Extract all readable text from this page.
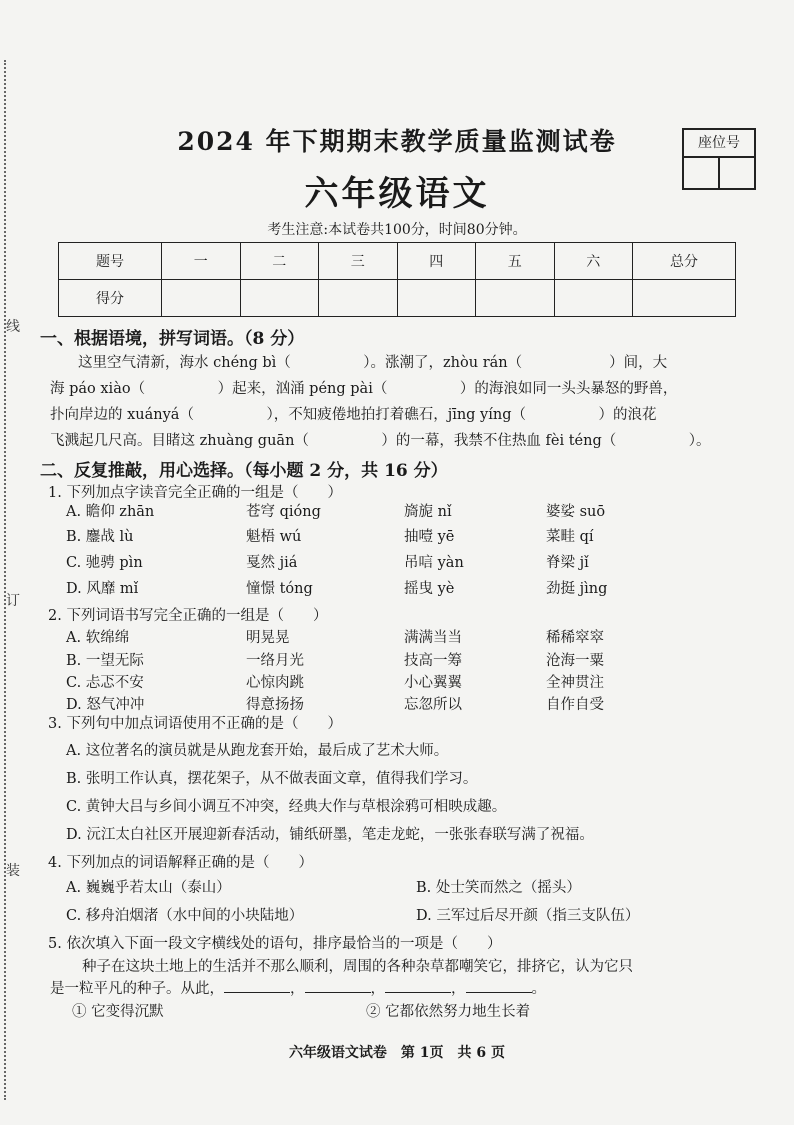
线
订
装
2024 年下期期末教学质量监测试卷
六年级语文
座位号
考生注意:本试卷共100分，时间80分钟。
题号	一	二	三	四	五	六	总分
得分							
一、根据语境，拼写词语。（8 分）
这里空气清新，海水 chéng bì（　　　　　）。涨潮了，zhòu rán（　　　　　　）间，大
海 páo xiào（　　　　　）起来，汹涌 péng pài（　　　　　）的海浪如同一头头暴怒的野兽，
扑向岸边的 xuányá（　　　　　），不知疲倦地拍打着礁石，jīng yíng（　　　　　）的浪花
飞溅起几尺高。目睹这 zhuàng guān（　　　　　）的一幕，我禁不住热血 fèi téng（　　　　　）。
二、反复推敲，用心选择。（每小题 2 分，共 16 分）
1. 下列加点字读音完全正确的一组是（　　）
A. 瞻仰 zhān	苍穹 qióng	旖旎 nǐ	婆娑 suō
B. 鏖战 lù	魁梧 wú	抽噎 yē	菜畦 qí
C. 驰骋 pìn	戛然 jiá	吊唁 yàn	脊梁 jǐ
D. 风靡 mǐ	憧憬 tóng	摇曳 yè	劲挺 jìng
2. 下列词语书写完全正确的一组是（　　）
A. 软绵绵	明晃晃	满满当当	稀稀窣窣
B. 一望无际	一络月光	技高一筹	沧海一粟
C. 忐忑不安	心惊肉跳	小心翼翼	全神贯注
D. 怒气冲冲	得意扬扬	忘忽所以	自作自受
3. 下列句中加点词语使用不正确的是（　　）
A. 这位著名的演员就是从跑龙套开始，最后成了艺术大师。
B. 张明工作认真，摆花架子，从不做表面文章，值得我们学习。
C. 黄钟大吕与乡间小调互不冲突，经典大作与草根涂鸦可相映成趣。
D. 沅江太白社区开展迎新春活动，铺纸研墨，笔走龙蛇，一张张春联写满了祝福。
4. 下列加点的词语解释正确的是（　　）
A. 巍巍乎若太山（泰山）	B. 处士笑而然之（摇头）
C. 移舟泊烟渚（水中间的小块陆地）	D. 三军过后尽开颜（指三支队伍）
5. 依次填入下面一段文字横线处的语句，排序最恰当的一项是（　　）
种子在这块土地上的生活并不那么顺利，周围的各种杂草都嘲笑它，排挤它，认为它只
是一粒平凡的种子。从此，	，	，	，	。
① 它变得沉默	② 它都依然努力地生长着
六年级语文试卷　第 1页　共 6 页
